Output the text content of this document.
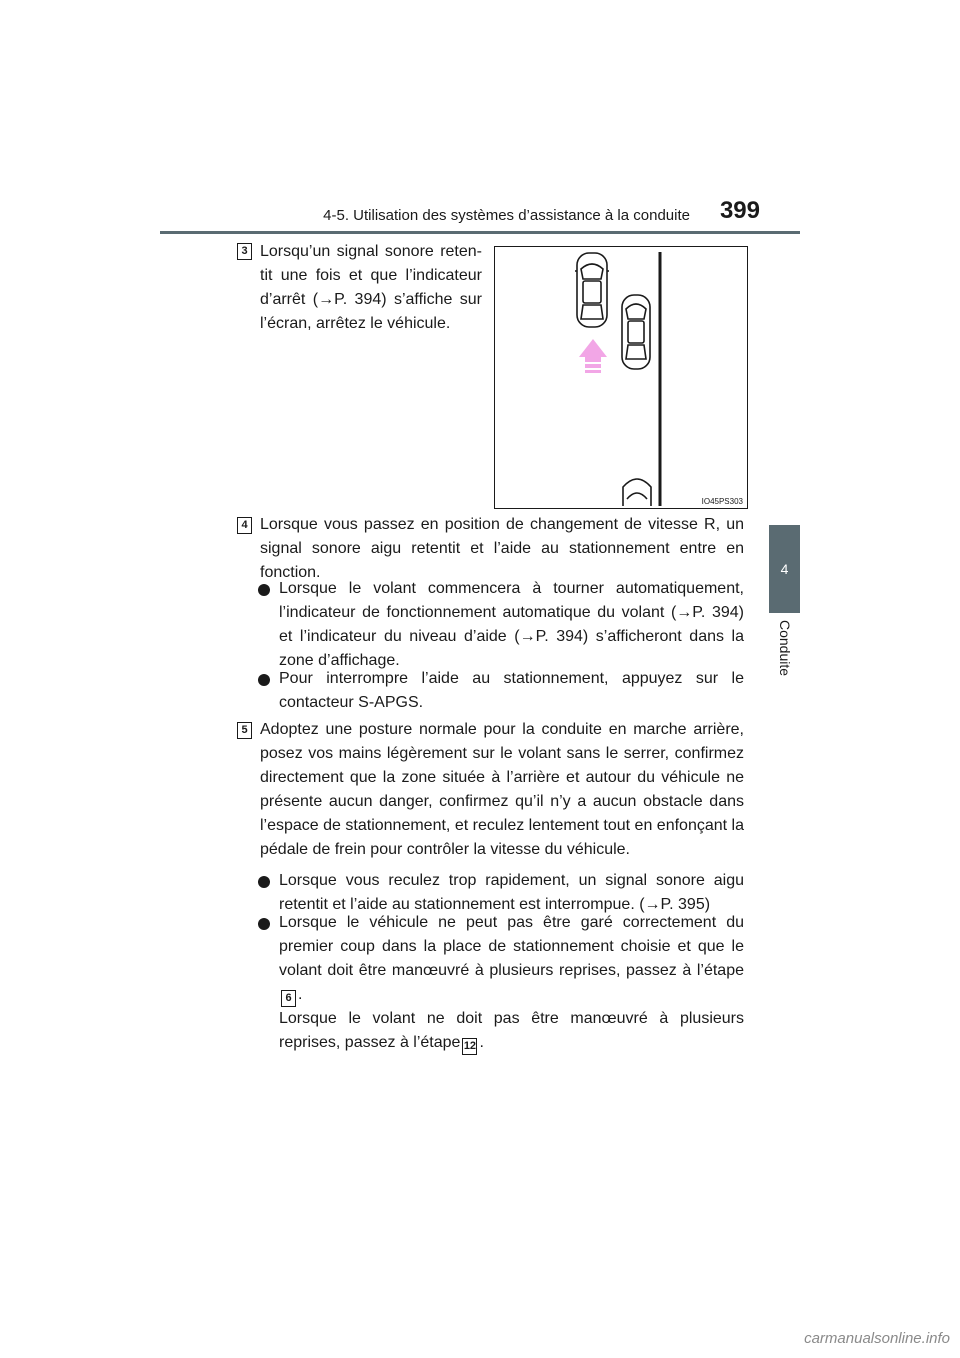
4-5. Utilisation des systèmes d’assistance à la conduite	399
4
Conduite
3 Lorsqu’un signal sonore reten-tit une fois et que l’indicateur d’arrêt (→P. 394) s’affiche sur l’écran, arrêtez le véhicule.
IO45PS303
4 Lorsque vous passez en position de changement de vitesse R, un signal sonore aigu retentit et l’aide au stationnement entre en fonction.
Lorsque le volant commencera à tourner automatiquement, l’indicateur de fonctionnement automatique du volant (→P. 394) et l’indicateur du niveau d’aide (→P. 394) s’afficheront dans la zone d’affichage.
Pour interrompre l’aide au stationnement, appuyez sur le contacteur S-APGS.
5 Adoptez une posture normale pour la conduite en marche arrière, posez vos mains légèrement sur le volant sans le serrer, confirmez directement que la zone située à l’arrière et autour du véhicule ne présente aucun danger, confirmez qu’il n’y a aucun obstacle dans l’espace de stationnement, et reculez lentement tout en enfonçant la pédale de frein pour contrôler la vitesse du véhicule.
Lorsque vous reculez trop rapidement, un signal sonore aigu retentit et l’aide au stationnement est interrompue. (→P. 395)
Lorsque le véhicule ne peut pas être garé correctement du premier coup dans la place de stationnement choisie et que le volant doit être manœuvré à plusieurs reprises, passez à l’étape6 .
Lorsque le volant ne doit pas être manœuvré à plusieurs reprises, passez à l’étape 12 .
carmanualsonline.info
